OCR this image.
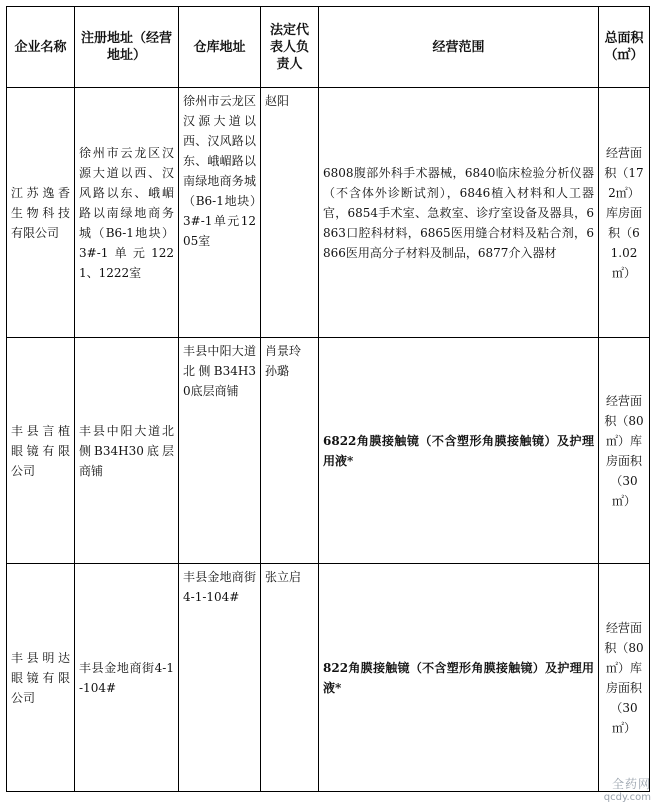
企业名称	注册地址（经营地址）	仓库地址	法定代表人负责人	经营范围	总面积（㎡）
江苏逸香生物科技有限公司	徐州市云龙区汉源大道以西、汉风路以东、峨嵋路以南绿地商务城（B6-1地块）3#-1单元1221、1222室	徐州市云龙区汉源大道以西、汉风路以东、峨嵋路以南绿地商务城（B6-1地块）3#-1单元1205室	赵阳	6808腹部外科手术器械，6840临床检验分析仪器（不含体外诊断试剂），6846植入材料和人工器官，6854手术室、急救室、诊疗室设备及器具，6863口腔科材料，6865医用缝合材料及粘合剂，6866医用高分子材料及制品，6877介入器材	经营面积（172㎡）库房面积（61.02㎡）
丰县言植眼镜有限公司	丰县中阳大道北侧B34H30底层商铺	丰县中阳大道北侧B34H30底层商铺	肖景玲 孙璐	6822角膜接触镜（不含塑形角膜接触镜）及护理用液*	经营面积（80㎡）库房面积（30㎡）
丰县明达眼镜有限公司	丰县金地商街4-1-104#	丰县金地商街4-1-104#	张立启	822角膜接触镜（不含塑形角膜接触镜）及护理用液*	经营面积（80㎡）库房面积（30㎡）
全药网
qcdy.com
